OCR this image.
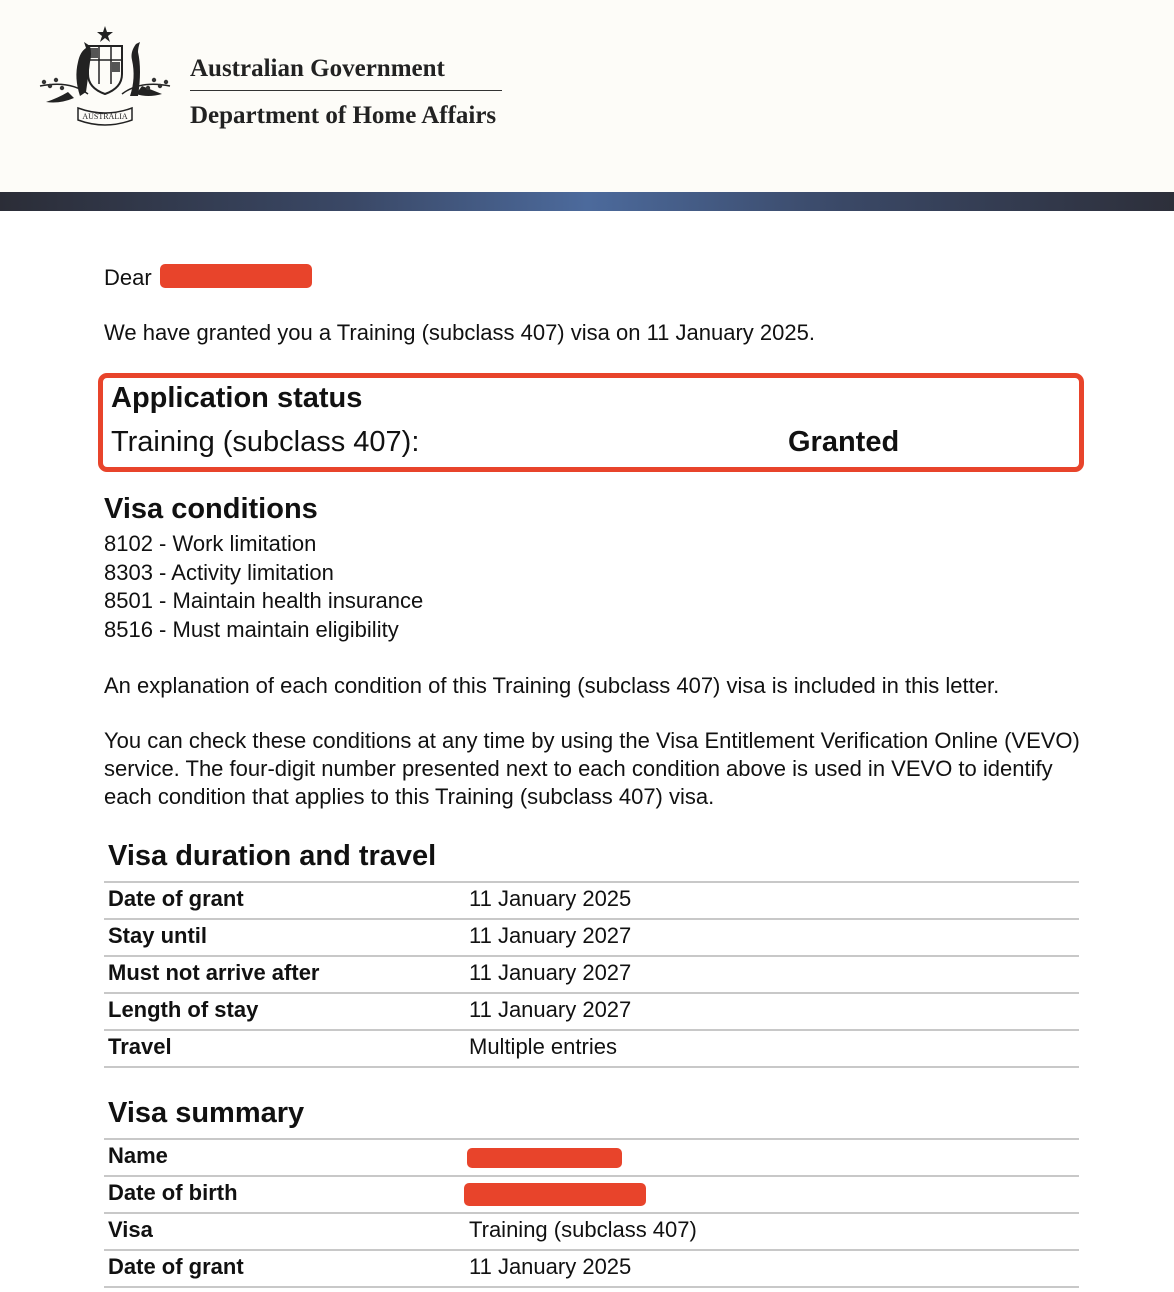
AUSTRALIA
Australian Government
Department of Home Affairs
Dear
We have granted you a Training (subclass 407) visa on 11 January 2025.
Application status
Training (subclass 407):	Granted
Visa conditions
8102 - Work limitation
8303 - Activity limitation
8501 - Maintain health insurance
8516 - Must maintain eligibility
An explanation of each condition of this Training (subclass 407) visa is included in this letter.
You can check these conditions at any time by using the Visa Entitlement Verification Online (VEVO) service. The four-digit number presented next to each condition above is used in VEVO to identify each condition that applies to this Training (subclass 407) visa.
Visa duration and travel
Date of grant	11 January 2025
Stay until	11 January 2027
Must not arrive after	11 January 2027
Length of stay	11 January 2027
Travel	Multiple entries
Visa summary
Name
Date of birth
Visa	Training (subclass 407)
Date of grant	11 January 2025
